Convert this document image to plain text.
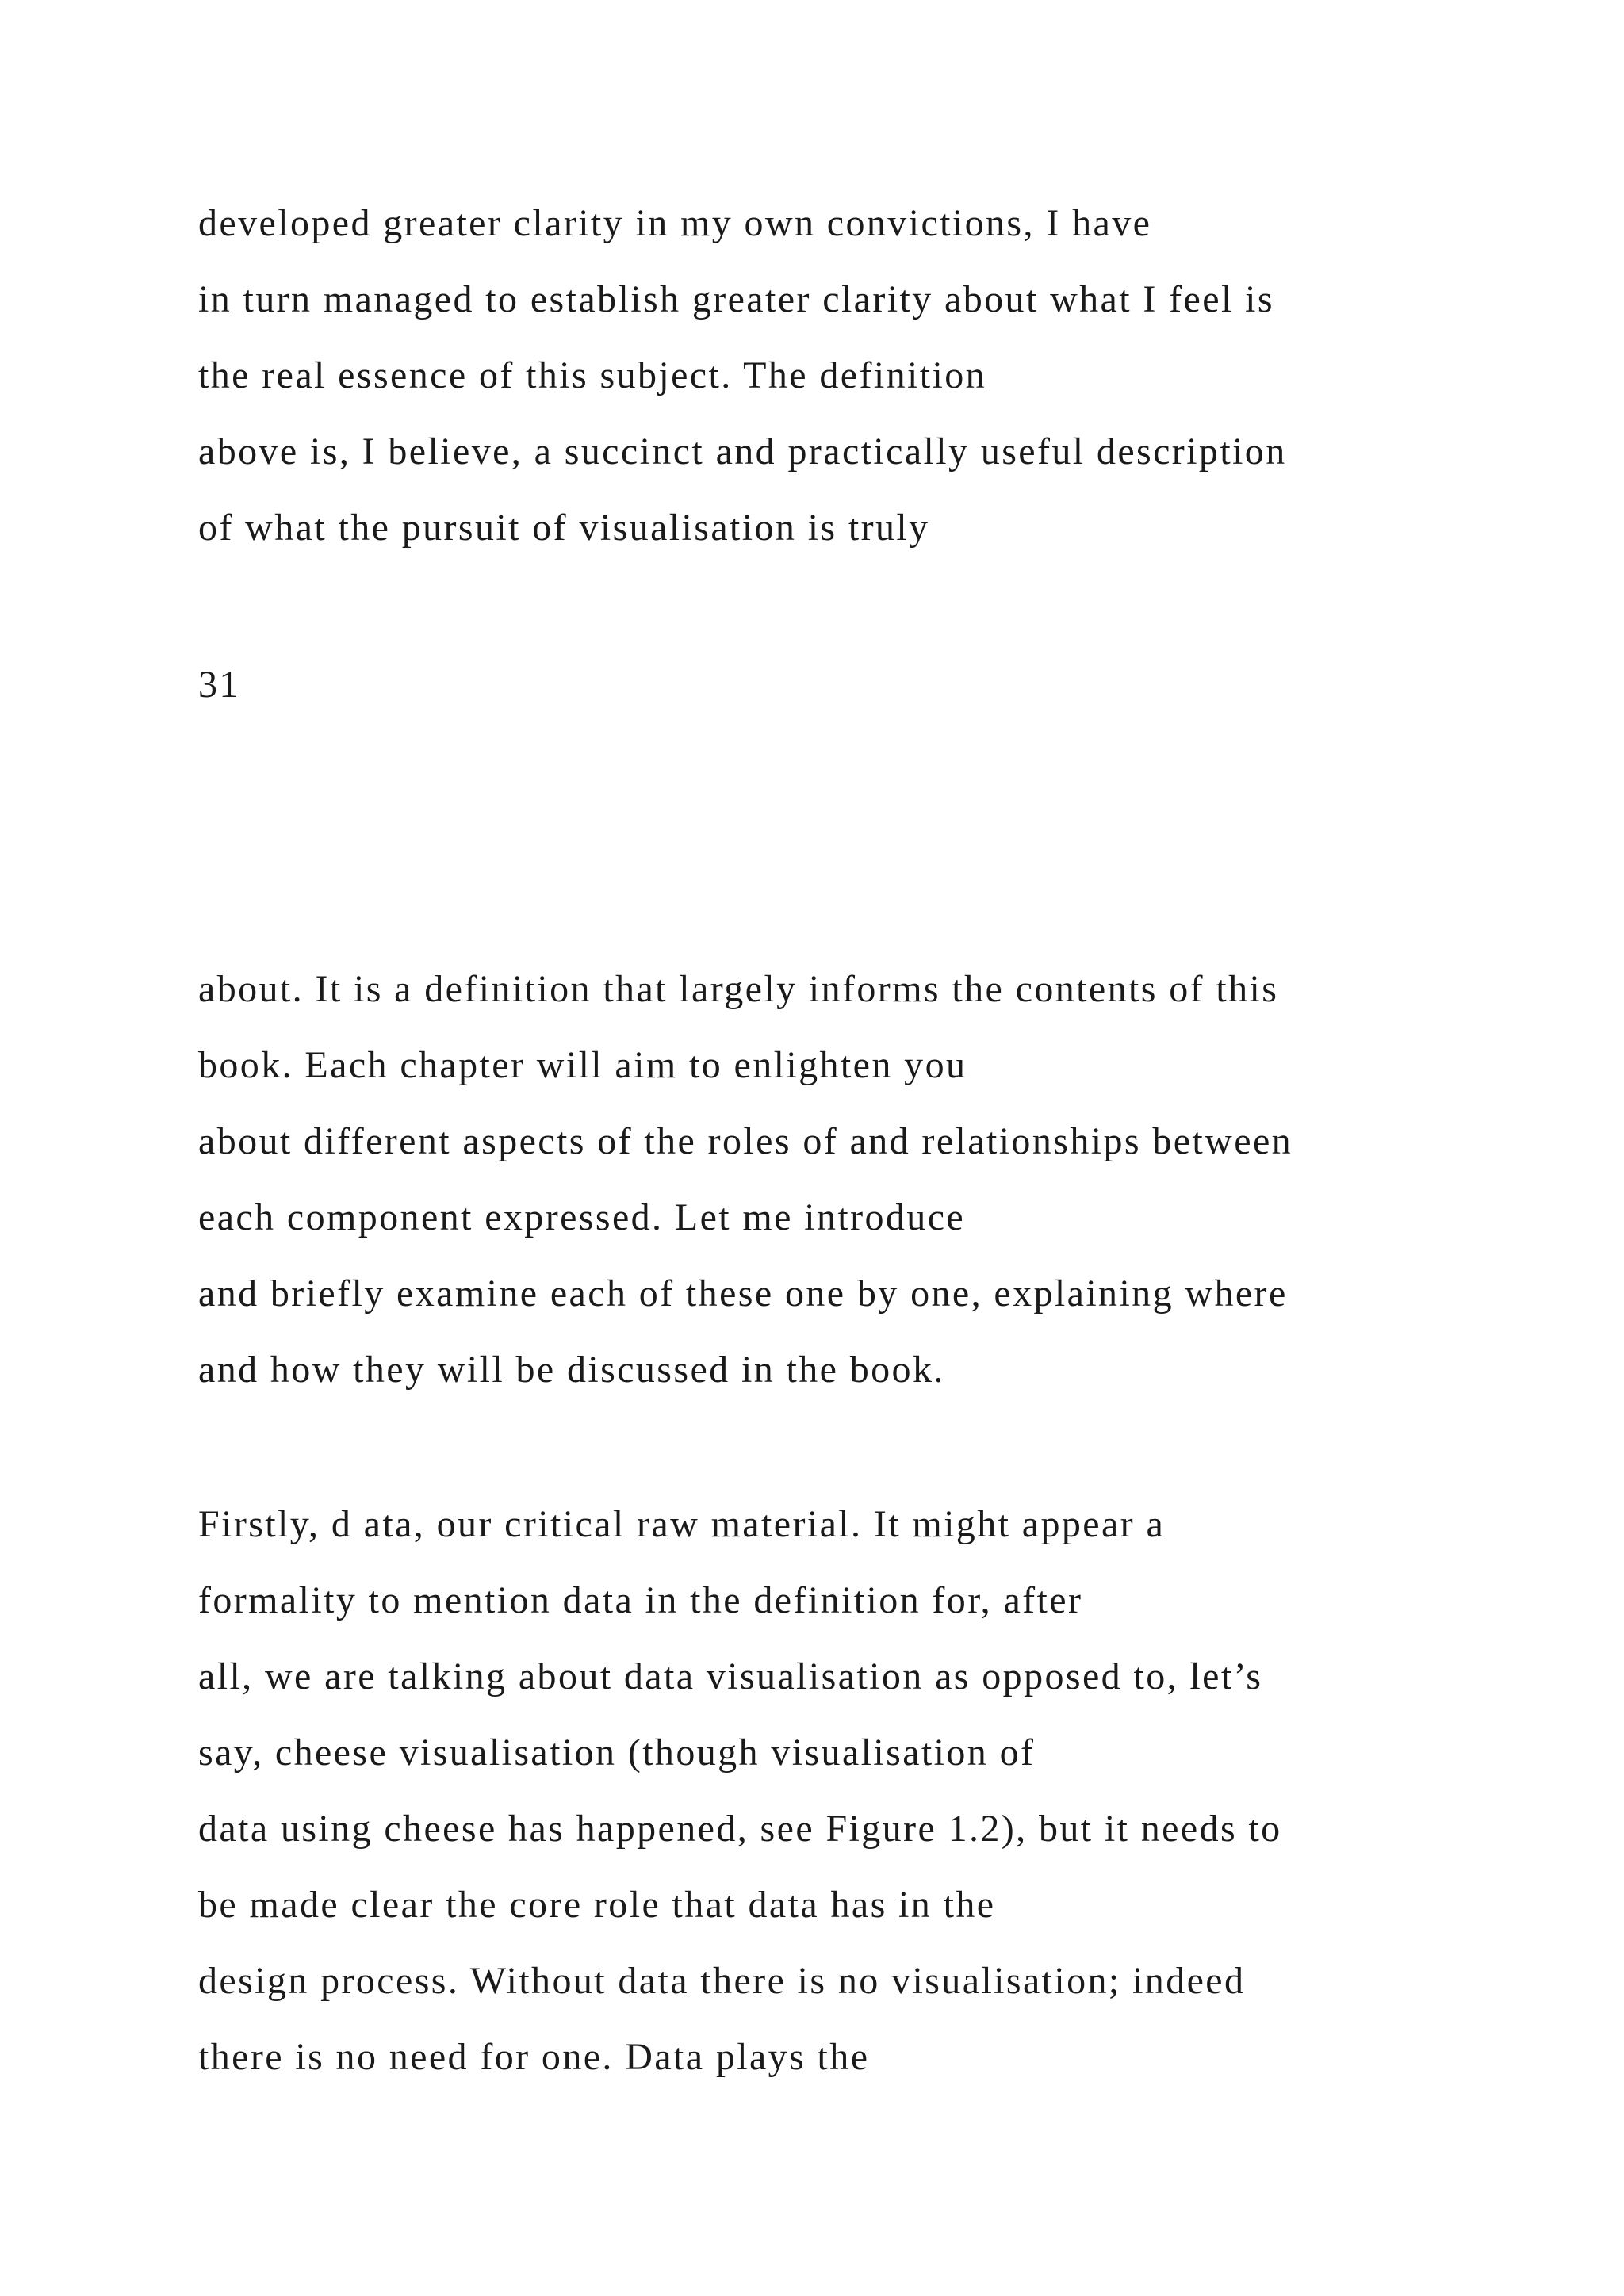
developed greater clarity in my own convictions, I have
in turn managed to establish greater clarity about what I feel is
the real essence of this subject. The definition
above is, I believe, a succinct and practically useful description
of what the pursuit of visualisation is truly
31
about. It is a definition that largely informs the contents of this
book. Each chapter will aim to enlighten you
about different aspects of the roles of and relationships between
each component expressed. Let me introduce
and briefly examine each of these one by one, explaining where
and how they will be discussed in the book.
Firstly, d ata, our critical raw material. It might appear a
formality to mention data in the definition for, after
all, we are talking about data visualisation as opposed to, let’s
say, cheese visualisation (though visualisation of
data using cheese has happened, see Figure 1.2), but it needs to
be made clear the core role that data has in the
design process. Without data there is no visualisation; indeed
there is no need for one. Data plays the
